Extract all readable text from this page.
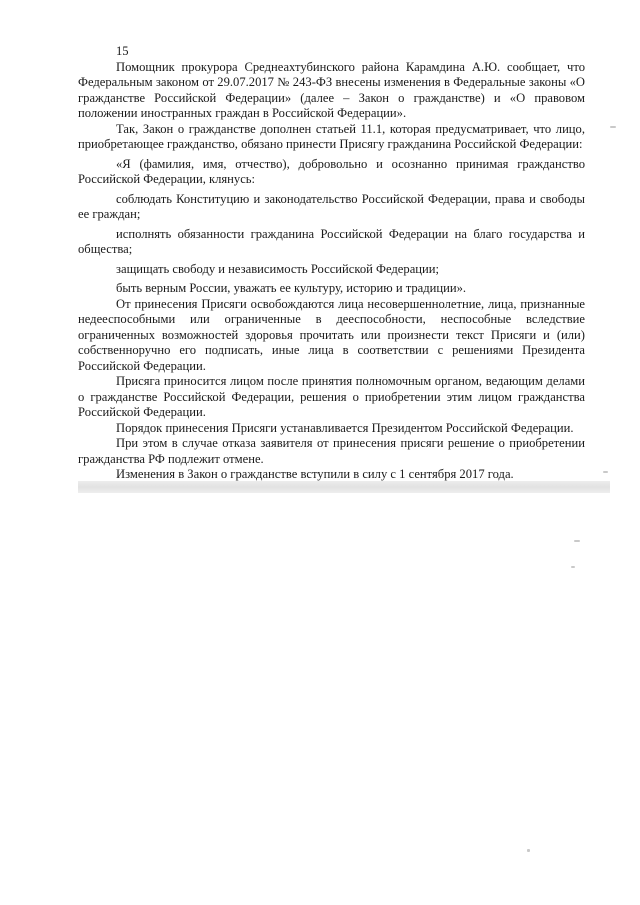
15

Помощник прокурора Среднеахтубинского района Карамдина А.Ю. сообщает, что Федеральным законом от 29.07.2017 № 243-ФЗ внесены изменения в Федеральные законы «О гражданстве Российской Федерации» (далее – Закон о гражданстве) и «О правовом положении иностранных граждан в Российской Федерации».

Так, Закон о гражданстве дополнен статьей 11.1, которая предусматривает, что лицо, приобретающее гражданство, обязано принести Присягу гражданина Российской Федерации:

«Я (фамилия, имя, отчество), добровольно и осознанно принимая гражданство Российской Федерации, клянусь:

соблюдать Конституцию и законодательство Российской Федерации, права и свободы ее граждан;

исполнять обязанности гражданина Российской Федерации на благо государства и общества;

защищать свободу и независимость Российской Федерации;

быть верным России, уважать ее культуру, историю и традиции».

От принесения Присяги освобождаются лица несовершеннолетние, лица, признанные недееспособными или ограниченные в дееспособности, неспособные вследствие ограниченных возможностей здоровья прочитать или произнести текст Присяги и (или) собственноручно его подписать, иные лица в соответствии с решениями Президента Российской Федерации.

Присяга приносится лицом после принятия полномочным органом, ведающим делами о гражданстве Российской Федерации, решения о приобретении этим лицом гражданства Российской Федерации.

Порядок принесения Присяги устанавливается Президентом Российской Федерации.

При этом в случае отказа заявителя от принесения присяги решение о приобретении гражданства РФ подлежит отмене.

Изменения в Закон о гражданстве вступили в силу с 1 сентября 2017 года.
